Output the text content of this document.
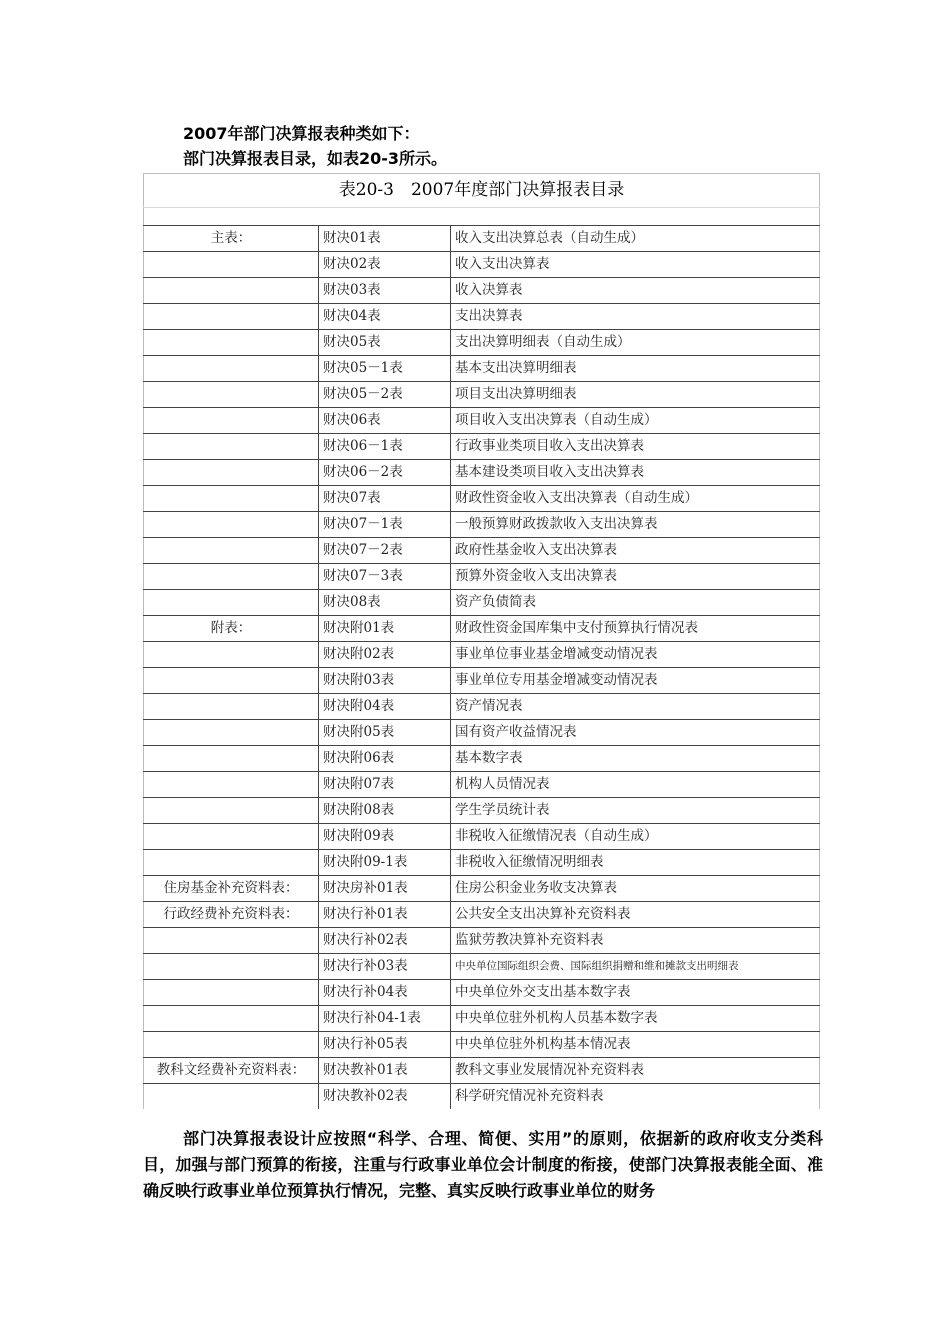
2007年部门决算报表种类如下：
部门决算报表目录，如表20-3所示。
表20-3　2007年度部门决算报表目录		

主表：	财决01表	收入支出决算总表（自动生成）
	财决02表	收入支出决算表
	财决03表	收入决算表
	财决04表	支出决算表
	财决05表	支出决算明细表（自动生成）
	财决05－1表	基本支出决算明细表
	财决05－2表	项目支出决算明细表
	财决06表	项目收入支出决算表（自动生成）
	财决06－1表	行政事业类项目收入支出决算表
	财决06－2表	基本建设类项目收入支出决算表
	财决07表	财政性资金收入支出决算表（自动生成）
	财决07－1表	一般预算财政拨款收入支出决算表
	财决07－2表	政府性基金收入支出决算表
	财决07－3表	预算外资金收入支出决算表
	财决08表	资产负债简表
附表：	财决附01表	财政性资金国库集中支付预算执行情况表
	财决附02表	事业单位事业基金增减变动情况表
	财决附03表	事业单位专用基金增减变动情况表
	财决附04表	资产情况表
	财决附05表	国有资产收益情况表
	财决附06表	基本数字表
	财决附07表	机构人员情况表
	财决附08表	学生学员统计表
	财决附09表	非税收入征缴情况表（自动生成）
	财决附09-1表	非税收入征缴情况明细表
住房基金补充资料表：	财决房补01表	住房公积金业务收支决算表
行政经费补充资料表：	财决行补01表	公共安全支出决算补充资料表
	财决行补02表	监狱劳教决算补充资料表
	财决行补03表	中央单位国际组织会费、国际组织捐赠和维和摊款支出明细表
	财决行补04表	中央单位外交支出基本数字表
	财决行补04-1表	中央单位驻外机构人员基本数字表
	财决行补05表	中央单位驻外机构基本情况表
教科文经费补充资料表：	财决教补01表	教科文事业发展情况补充资料表
	财决教补02表	科学研究情况补充资料表
部门决算报表设计应按照“科学、合理、简便、实用”的原则，依据新的政府收支分类科目，加强与部门预算的衔接，注重与行政事业单位会计制度的衔接，使部门决算报表能全面、准确反映行政事业单位预算执行情况，完整、真实反映行政事业单位的财务
